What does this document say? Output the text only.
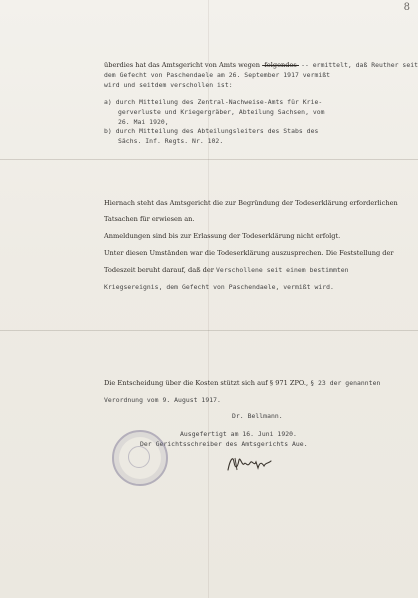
8
überdies hat das Amtsgericht von Amts wegen -folgendes- -- ermittelt, daß Reuther seit
dem Gefecht von Paschendaele am 26. September 1917 vermißt
wird und seitdem verschollen ist:
a) durch Mitteilung des Zentral-Nachweise-Amts für Krie-
gerverluste und Kriegergräber, Abteilung Sachsen, vom
26. Mai 1920,
b) durch Mitteilung des Abteilungsleiters des Stabs des
Sächs. Inf. Regts. Nr. 102.
Hiernach steht das Amtsgericht die zur Begründung der Todeserklärung erforderlichen
Tatsachen für erwiesen an.
Anmeldungen sind bis zur Erlassung der Todeserklärung nicht erfolgt.
Unter diesen Umständen war die Todeserklärung auszusprechen. Die Feststellung der
Todeszeit beruht darauf, daß der Verschollene seit einem bestimmten
Kriegsereignis, dem Gefecht von Paschendaele, vermißt wird.
Die Entscheidung über die Kosten stützt sich auf § 971 ZPO., § 23 der genannten
Verordnung vom 9. August 1917.
Dr. Bellmann.
Ausgefertigt am 16. Juni 1920.
Der Gerichtsschreiber des Amtsgerichts Aue.
